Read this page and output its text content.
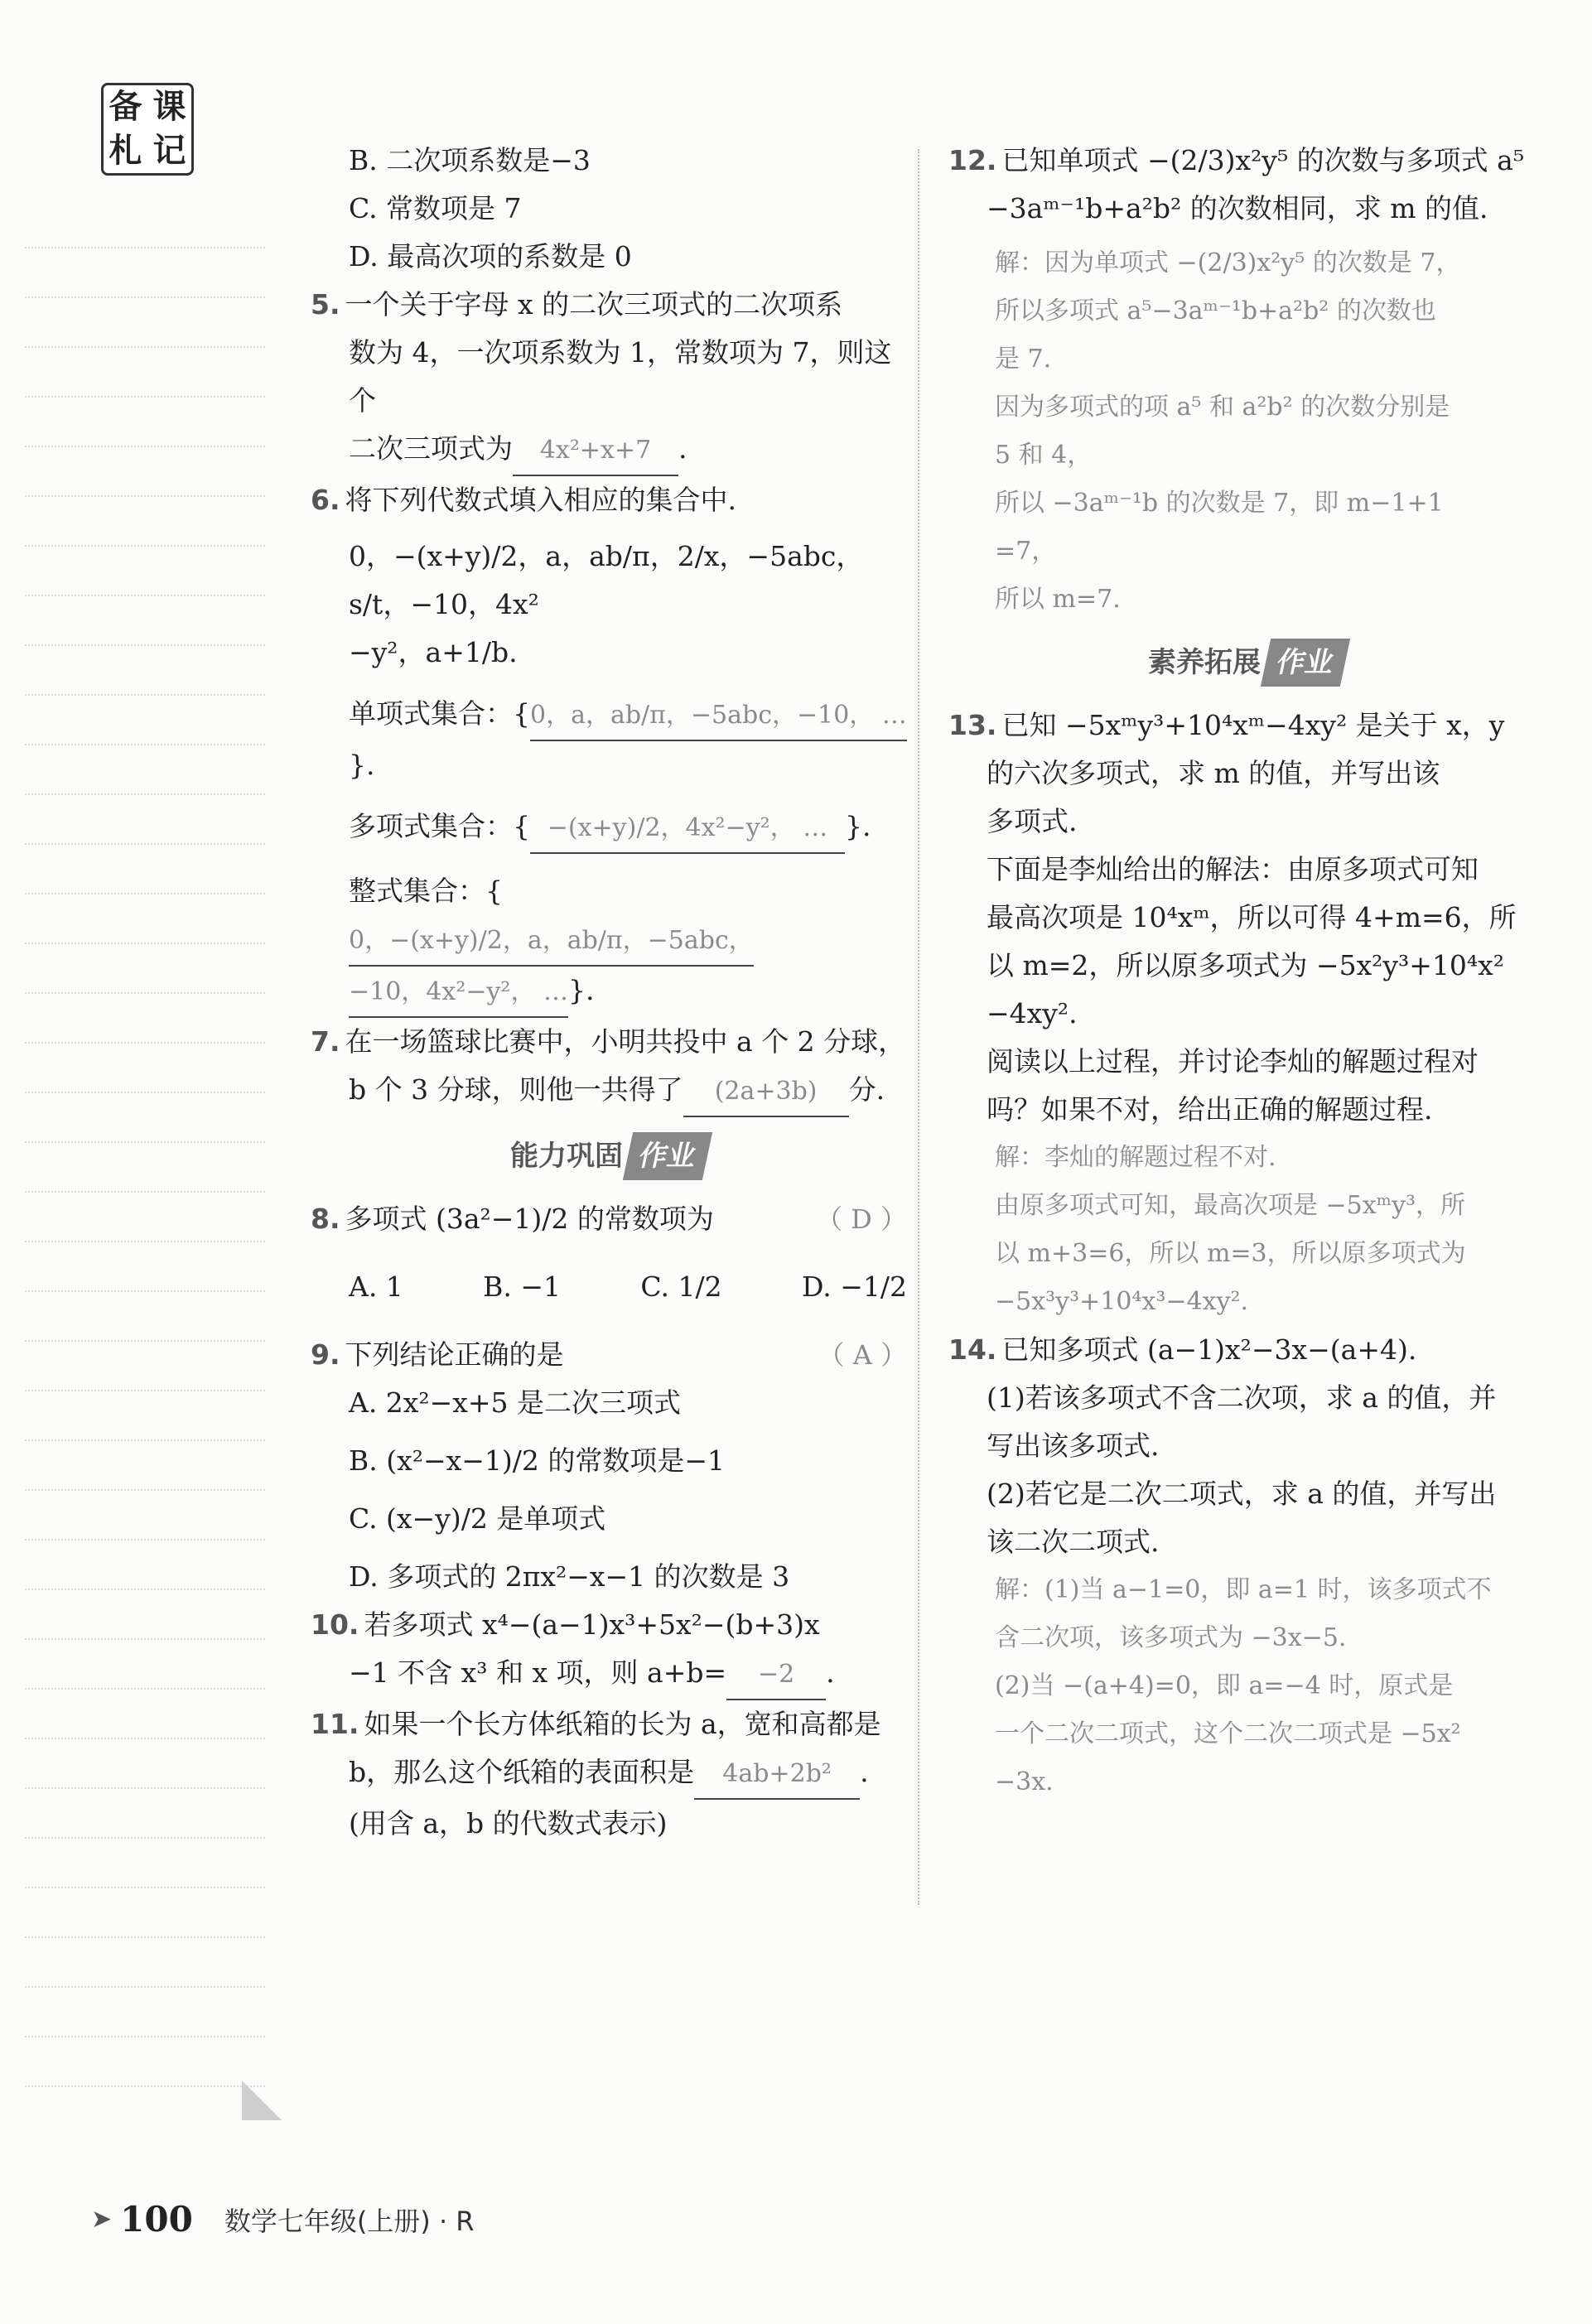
备 课
札 记	B. 二次项系数是−3

C. 常数项是 7

D. 最高次项的系数是 0

5. 一个关于字母 x 的二次三项式的二次项系

数为 4，一次项系数为 1，常数项为 7，则这个

二次三项式为 4x²+x+7 .

6. 将下列代数式填入相应的集合中.

0，−(x+y)/2，a，ab/π，2/x，−5abc，s/t，−10，4x²

−y²，a+1/b.

单项式集合：{0，a，ab/π，−5abc，−10， …}.

多项式集合：{ −(x+y)/2，4x²−y²， … }.

整式集合：{0，−(x+y)/2，a，ab/π，−5abc，

−10，4x²−y²， …}.

7. 在一场篮球比赛中，小明共投中 a 个 2 分球，

b 个 3 分球，则他一共得了 (2a+3b) 分.

能力巩固 作业

8. 多项式 (3a²−1)/2 的常数项为	（ D ）

A. 1	B. −1	C. 1/2	D. −1/2

9. 下列结论正确的是	（ A ）

A. 2x²−x+5 是二次三项式

B. (x²−x−1)/2 的常数项是−1

C. (x−y)/2 是单项式

D. 多项式的 2πx²−x−1 的次数是 3

10. 若多项式 x⁴−(a−1)x³+5x²−(b+3)x

−1 不含 x³ 和 x 项，则 a+b= −2 .

11. 如果一个长方体纸箱的长为 a，宽和高都是

b，那么这个纸箱的表面积是 4ab+2b² .

(用含 a，b 的代数式表示)

12. 已知单项式 −(2/3)x²y⁵ 的次数与多项式 a⁵

−3aᵐ⁻¹b+a²b² 的次数相同，求 m 的值.

解：因为单项式 −(2/3)x²y⁵ 的次数是 7，

所以多项式 a⁵−3aᵐ⁻¹b+a²b² 的次数也

是 7.

因为多项式的项 a⁵ 和 a²b² 的次数分别是

5 和 4，

所以 −3aᵐ⁻¹b 的次数是 7，即 m−1+1

=7，

所以 m=7.

素养拓展 作业

13. 已知 −5xᵐy³+10⁴xᵐ−4xy² 是关于 x，y

的六次多项式，求 m 的值，并写出该

多项式.

下面是李灿给出的解法：由原多项式可知

最高次项是 10⁴xᵐ，所以可得 4+m=6，所

以 m=2，所以原多项式为 −5x²y³+10⁴x²

−4xy².

阅读以上过程，并讨论李灿的解题过程对

吗？如果不对，给出正确的解题过程.

解：李灿的解题过程不对.

由原多项式可知，最高次项是 −5xᵐy³，所

以 m+3=6，所以 m=3，所以原多项式为

−5x³y³+10⁴x³−4xy².

14. 已知多项式 (a−1)x²−3x−(a+4).

(1)若该多项式不含二次项，求 a 的值，并

写出该多项式.

(2)若它是二次二项式，求 a 的值，并写出

该二次二项式.

解：(1)当 a−1=0，即 a=1 时，该多项式不

含二次项，该多项式为 −3x−5.

(2)当 −(a+4)=0，即 a=−4 时，原式是

一个二次二项式，这个二次二项式是 −5x²

−3x.

➤ 100 数学七年级(上册) · R
